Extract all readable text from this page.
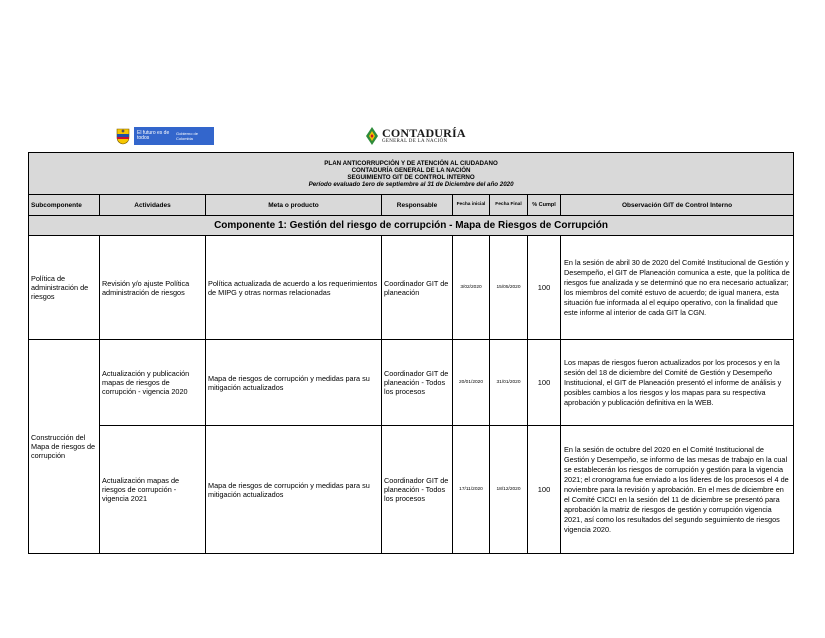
El futuro es de todos
Gobierno de Colombia	CONTADURÍA
GENERAL DE LA NACIÓN
PLAN ANTICORRUPCIÓN Y DE ATENCIÓN AL CIUDADANO
CONTADURÍA GENERAL DE LA NACIÓN
SEGUIMIENTO GIT DE CONTROL INTERNO
Período evaluado 1ero de septiembre al 31 de Diciembre del año 2020							

Subcomponente	Actividades	Meta o producto	Responsable	Fecha inicial	Fecha Final	% Cumpl	Observación GIT de Control Interno
Componente 1: Gestión del riesgo de corrupción - Mapa de Riesgos de Corrupción							
Política de administración de riesgos	Revisión y/o ajuste Política administración de riesgos	Política actualizada de acuerdo a los requerimientos de MIPG y otras normas relacionadas	Coordinador GIT de planeación	3/02/2020	15/05/2020	100	En la sesión de abril 30 de 2020 del Comité Institucional de Gestión y Desempeño, el GIT de Planeación comunica a este, que la política de riesgos fue analizada y se determinó que no era necesario actualizar; los miembros del comité estuvo de acuerdo; de igual manera, esta situación fue informada al el equipo operativo, con la finalidad que este informe al interior de cada GIT la CGN.
Construcción del Mapa de riesgos de corrupción	Actualización y publicación mapas de riesgos de corrupción - vigencia 2020	Mapa de riesgos de corrupción y medidas para su mitigación actualizados	Coordinador GIT de planeación - Todos los procesos	20/01/2020	31/01/2020	100	Los mapas de riesgos fueron actualizados por los procesos y en la sesión del 18 de diciembre del Comité de Gestión y Desempeño Institucional, el GIT de Planeación presentó el informe de análisis y posibles cambios a los riesgos y los mapas para su respectiva aprobación y publicación definitiva en la WEB.
	Actualización mapas de riesgos de corrupción - vigencia 2021	Mapa de riesgos de corrupción y medidas para su mitigación actualizados	Coordinador GIT de planeación - Todos los procesos	17/11/2020	18/12/2020	100	En la sesión de octubre del 2020 en el Comité Institucional de Gestión y Desempeño, se informo de las mesas de trabajo en la cual se establecerán los riesgos de corrupción y gestión para la vigencia 2021; el cronograma fue enviado a los lideres de los procesos el 4 de noviembre para la revisión y aprobación. En el mes de diciembre en el Comité CICCI en la sesión del 11 de diciembre se presentó para aprobación la matriz de riesgos de gestión y corrupción vigencia 2021, así como los resultados del segundo seguimiento de riesgos vigencia 2020.
